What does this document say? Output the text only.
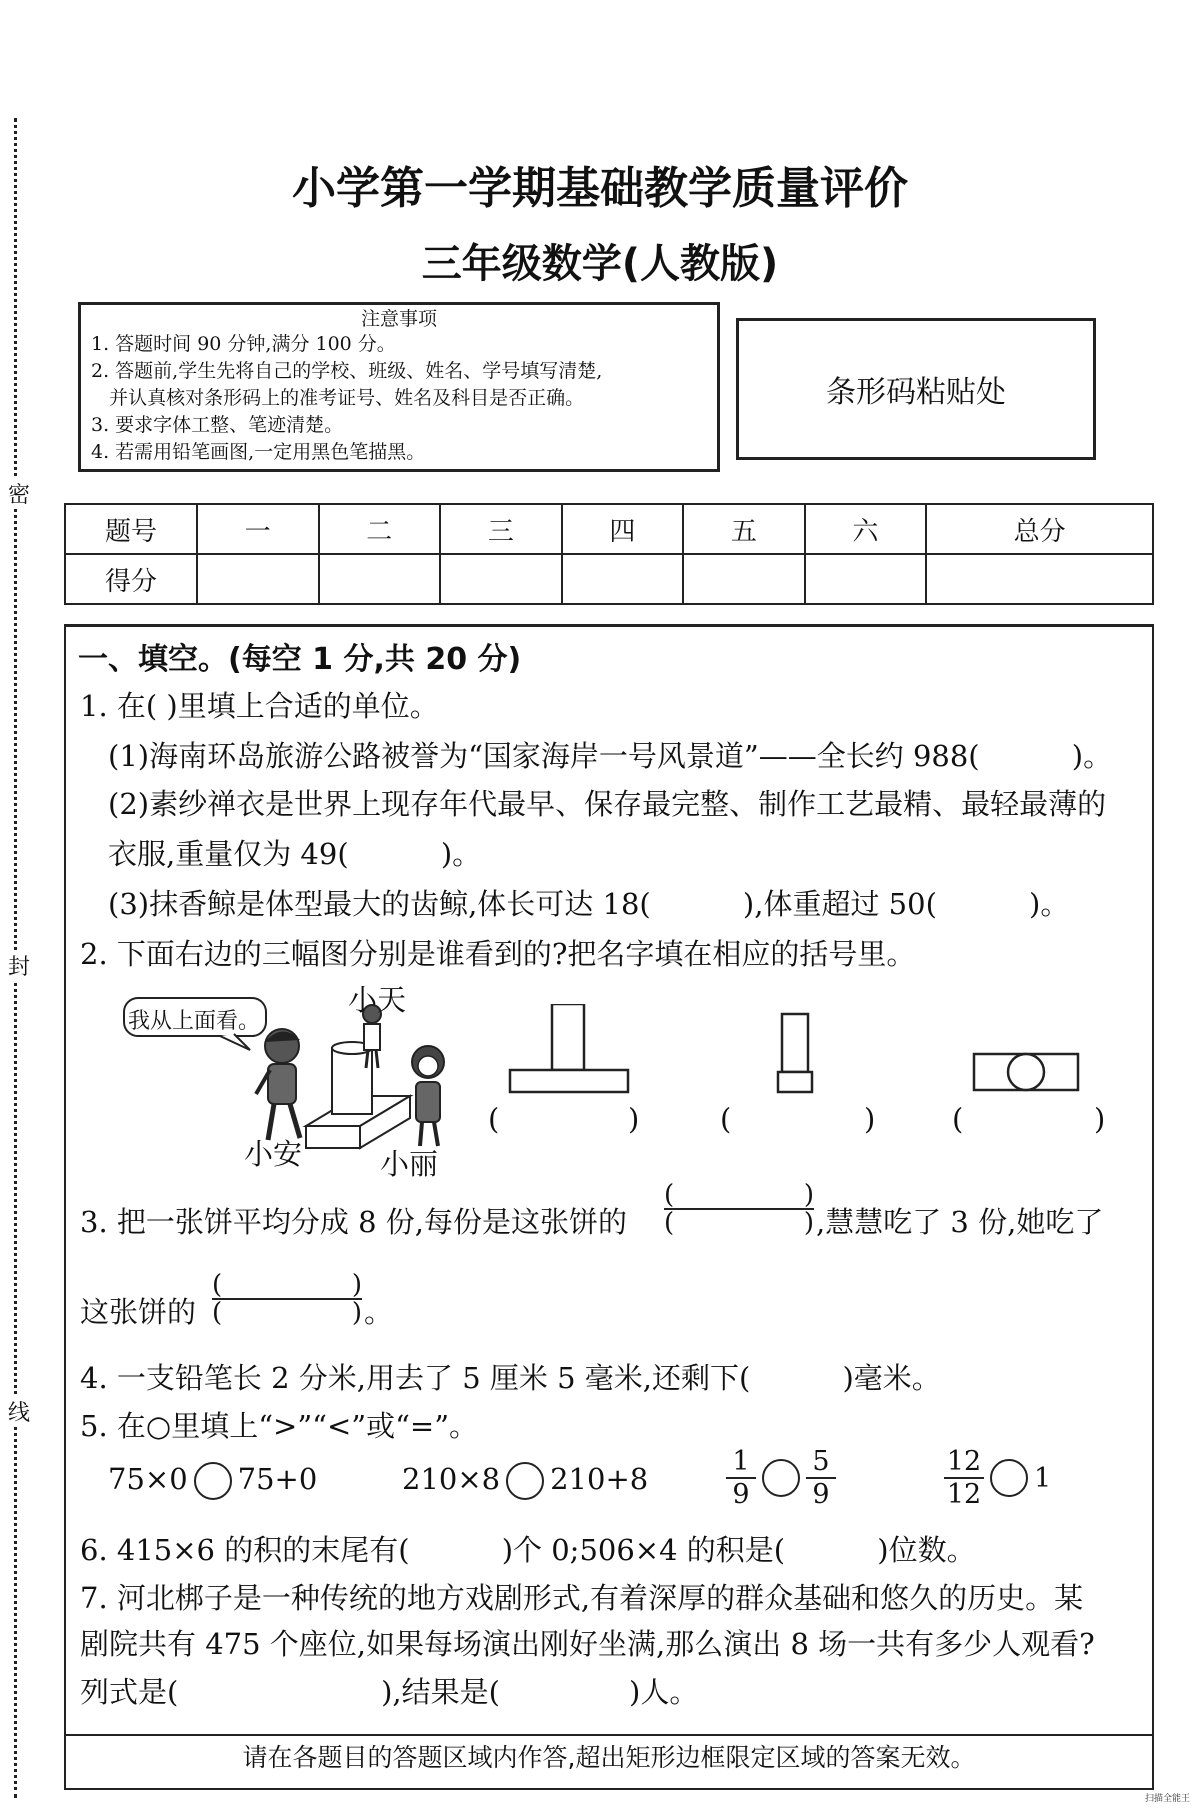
密
封
线
小学第一学期基础教学质量评价
三年级数学(人教版)
注意事项
1. 答题时间 90 分钟,满分 100 分。
2. 答题前,学生先将自己的学校、班级、姓名、学号填写清楚,
并认真核对条形码上的准考证号、姓名及科目是否正确。
3. 要求字体工整、笔迹清楚。
4. 若需用铅笔画图,一定用黑色笔描黑。
条形码粘贴处
题号	一	二	三	四	五	六	总分
得分							
一、填空。(每空 1 分,共 20 分)
1. 在( )里填上合适的单位。
(1)海南环岛旅游公路被誉为“国家海岸一号风景道”——全长约 988(          )。
(2)素纱禅衣是世界上现存年代最早、保存最完整、制作工艺最精、最轻最薄的
衣服,重量仅为 49(          )。
(3)抹香鲸是体型最大的齿鲸,体长可达 18(          ),体重超过 50(          )。
2. 下面右边的三幅图分别是谁看到的?把名字填在相应的括号里。
我从上面看。
小天
小安	小丽
(	)	(	)	(	)
3. 把一张饼平均分成 8 份,每份是这张饼的
(	)
(	) ,慧慧吃了 3 份,她吃了
这张饼的
(	)
(	) 。
4. 一支铅笔长 2 分米,用去了 5 厘米 5 毫米,还剩下(          )毫米。
5. 在○里填上“>”“<”或“=”。
75×0 75+0	210×8 210+8
1
9
5
9
12
12
1
6. 415×6 的积的末尾有(          )个 0;506×4 的积是(          )位数。
7. 河北梆子是一种传统的地方戏剧形式,有着深厚的群众基础和悠久的历史。某
剧院共有 475 个座位,如果每场演出刚好坐满,那么演出 8 场一共有多少人观看?
列式是(                      ),结果是(              )人。
请在各题目的答题区域内作答,超出矩形边框限定区域的答案无效。
扫描全能王
